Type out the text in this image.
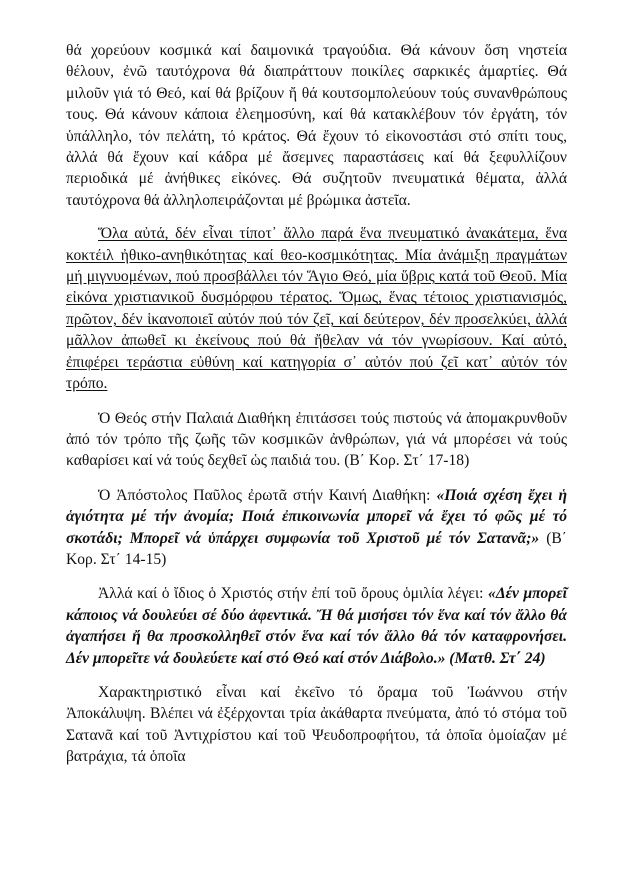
θά χορεύουν κοσμικά καί δαιμονικά τραγούδια. Θά κάνουν ὅση νηστεία θέλουν, ἐνῶ ταυτόχρονα θά διαπράττουν ποικίλες σαρκικές ἁμαρτίες. Θά μιλοῦν γιά τό Θεό, καί θά βρίζουν ἤ θά κουτσομπολεύουν τούς συνανθρώπους τους. Θά κάνουν κάποια ἐλεημοσύνη, καί θά κατακλέβουν τόν ἐργάτη, τόν ὑπάλληλο, τόν πελάτη, τό κράτος. Θά ἔχουν τό εἰκονοστάσι στό σπίτι τους, ἀλλά θά ἔχουν καί κάδρα μέ ἄσεμνες παραστάσεις καί θά ξεφυλλίζουν περιοδικά μέ ἀνήθικες εἰκόνες. Θά συζητοῦν πνευματικά θέματα, ἀλλά ταυτόχρονα θά ἀλληλοπειράζονται μέ βρώμικα ἀστεῖα.

Ὅλα αὐτά, δέν εἶναι τίποτ᾽ ἄλλο παρά ἕνα πνευματικό ἀνακάτεμα, ἕνα κοκτέιλ ἠθικο-ανηθικότητας καί θεο-κοσμικότητας. Μία ἀνάμιξη πραγμάτων μή μιγνυομένων, πού προσβάλλει τόν Ἅγιο Θεό, μία ὕβρις κατά τοῦ Θεοῦ. Μία εἰκόνα χριστιανικοῦ δυσμόρφου τέρατος. Ὅμως, ἕνας τέτοιος χριστιανισμός, πρῶτον, δέν ἱκανοποιεῖ αὐτόν πού τόν ζεῖ, καί δεύτερον, δέν προσελκύει, ἀλλά μᾶλλον ἀπωθεῖ κι ἐκείνους πού θά ἤθελαν νά τόν γνωρίσουν. Καί αὐτό, ἐπιφέρει τεράστια εὐθύνη καί κατηγορία σ᾽ αὐτόν πού ζεῖ κατ᾽ αὐτόν τόν τρόπο.

Ὁ Θεός στήν Παλαιά Διαθήκη ἐπιτάσσει τούς πιστούς νά ἀπομακρυνθοῦν ἀπό τόν τρόπο τῆς ζωῆς τῶν κοσμικῶν ἀνθρώπων, γιά νά μπορέσει νά τούς καθαρίσει καί νά τούς δεχθεῖ ὡς παιδιά του. (Β΄ Κορ. Στ΄ 17-18)

Ὁ Ἀπόστολος Παῦλος ἐρωτᾶ στήν Καινή Διαθήκη: «Ποιά σχέση ἔχει ἡ ἁγιότητα μέ τήν ἀνομία; Ποιά ἐπικοινωνία μπορεῖ νά ἔχει τό φῶς μέ τό σκοτάδι; Μπορεῖ νά ὑπάρχει συμφωνία τοῦ Χριστοῦ μέ τόν Σατανᾶ;» (Β΄ Κορ. Στ΄ 14-15)

Ἀλλά καί ὁ ἴδιος ὁ Χριστός στήν ἐπί τοῦ ὄρους ὁμιλία λέγει: «Δέν μπορεῖ κάποιος νά δουλεύει σέ δύο ἀφεντικά. Ἤ θά μισήσει τόν ἕνα καί τόν ἄλλο θά ἀγαπήσει ἤ θα προσκολληθεῖ στόν ἕνα καί τόν ἄλλο θά τόν καταφρονήσει. Δέν μπορεῖτε νά δουλεύετε καί στό Θεό καί στόν Διάβολο.» (Ματθ. Στ΄ 24)

Χαρακτηριστικό εἶναι καί ἐκεῖνο τό ὅραμα τοῦ Ἰωάννου στήν Ἀποκάλυψη. Βλέπει νά ἐξέρχονται τρία ἀκάθαρτα πνεύματα, ἀπό τό στόμα τοῦ Σατανᾶ καί τοῦ Ἀντιχρίστου καί τοῦ Ψευδοπροφήτου, τά ὁποῖα ὁμοίαζαν μέ βατράχια, τά ὁποῖα
